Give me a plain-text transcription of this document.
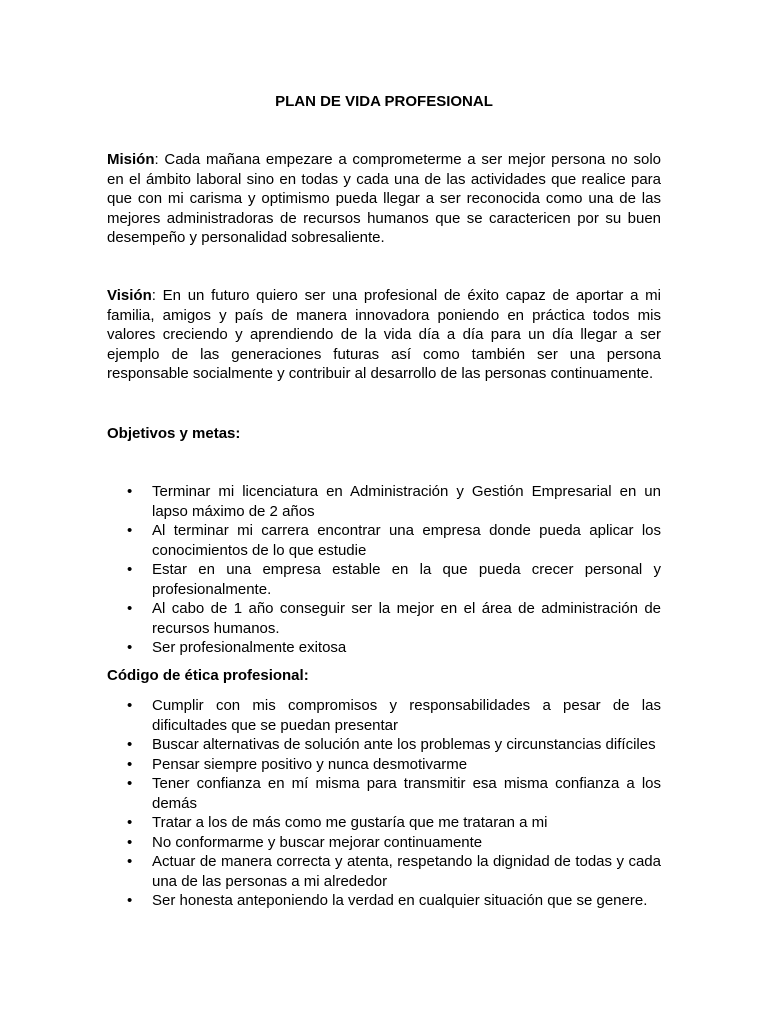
PLAN DE VIDA PROFESIONAL

Misión: Cada mañana empezare a comprometerme a ser mejor persona no solo en el ámbito laboral sino en todas y cada una de las actividades que realice para que con mi carisma y optimismo pueda llegar a ser reconocida como una de las mejores administradoras de recursos humanos que se caractericen por su buen desempeño y personalidad sobresaliente.

Visión: En un futuro quiero ser una profesional de éxito capaz de aportar a mi familia, amigos y país de manera innovadora poniendo en práctica todos mis valores creciendo y aprendiendo de la vida día a día para un día llegar a ser ejemplo de las generaciones futuras así como también ser una persona responsable socialmente y contribuir al desarrollo de las personas continuamente.

Objetivos y metas:

• Terminar mi licenciatura en Administración y Gestión Empresarial en un lapso máximo de 2 años
• Al terminar mi carrera encontrar una empresa donde pueda aplicar los conocimientos de lo que estudie
• Estar en una empresa estable en la que pueda crecer personal y profesionalmente.
• Al cabo de 1 año conseguir ser la mejor en el área de administración de recursos humanos.
• Ser profesionalmente exitosa

Código de ética profesional:

• Cumplir con mis compromisos y responsabilidades a pesar de las dificultades que se puedan presentar
• Buscar alternativas de solución ante los problemas y circunstancias difíciles
• Pensar siempre positivo y nunca desmotivarme
• Tener confianza en mí misma para transmitir esa misma confianza a los demás
• Tratar a los de más como me gustaría que me trataran a mi
• No conformarme y buscar mejorar continuamente
• Actuar de manera correcta y atenta, respetando la dignidad de todas y cada una de las personas a mi alrededor
• Ser honesta anteponiendo la verdad en cualquier situación que se genere.
